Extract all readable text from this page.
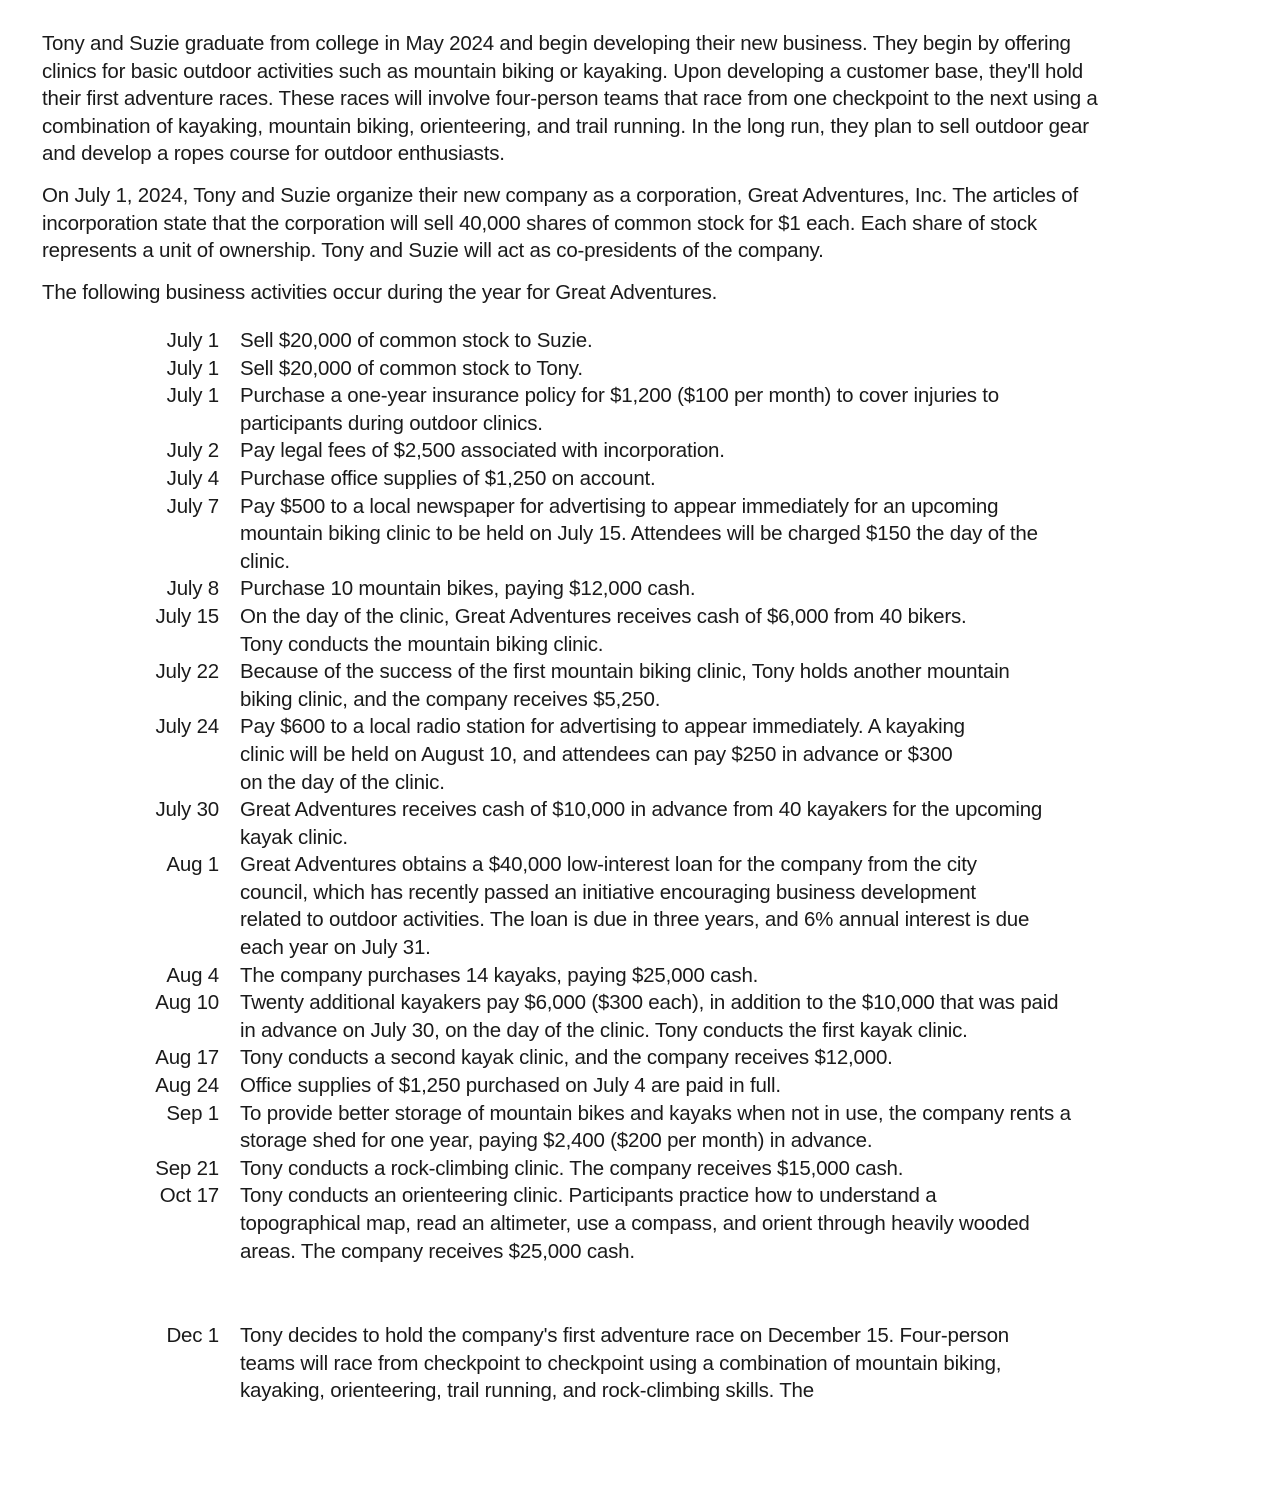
Tony and Suzie graduate from college in May 2024 and begin developing their new business. They begin by offering clinics for basic outdoor activities such as mountain biking or kayaking. Upon developing a customer base, they'll hold their first adventure races. These races will involve four-person teams that race from one checkpoint to the next using a combination of kayaking, mountain biking, orienteering, and trail running. In the long run, they plan to sell outdoor gear and develop a ropes course for outdoor enthusiasts.

On July 1, 2024, Tony and Suzie organize their new company as a corporation, Great Adventures, Inc. The articles of incorporation state that the corporation will sell 40,000 shares of common stock for $1 each. Each share of stock represents a unit of ownership. Tony and Suzie will act as co-presidents of the company.

The following business activities occur during the year for Great Adventures.

July 1	Sell $20,000 of common stock to Suzie.
July 1	Sell $20,000 of common stock to Tony.
July 1	Purchase a one-year insurance policy for $1,200 ($100 per month) to cover injuries to participants during outdoor clinics.
July 2	Pay legal fees of $2,500 associated with incorporation.
July 4	Purchase office supplies of $1,250 on account.
July 7	Pay $500 to a local newspaper for advertising to appear immediately for an upcoming mountain biking clinic to be held on July 15. Attendees will be charged $150 the day of the clinic.
July 8	Purchase 10 mountain bikes, paying $12,000 cash.
July 15	On the day of the clinic, Great Adventures receives cash of $6,000 from 40 bikers. Tony conducts the mountain biking clinic.
July 22	Because of the success of the first mountain biking clinic, Tony holds another mountain biking clinic, and the company receives $5,250.
July 24	Pay $600 to a local radio station for advertising to appear immediately. A kayaking clinic will be held on August 10, and attendees can pay $250 in advance or $300 on the day of the clinic.
July 30	Great Adventures receives cash of $10,000 in advance from 40 kayakers for the upcoming kayak clinic.
Aug 1	Great Adventures obtains a $40,000 low-interest loan for the company from the city council, which has recently passed an initiative encouraging business development related to outdoor activities. The loan is due in three years, and 6% annual interest is due each year on July 31.
Aug 4	The company purchases 14 kayaks, paying $25,000 cash.
Aug 10	Twenty additional kayakers pay $6,000 ($300 each), in addition to the $10,000 that was paid in advance on July 30, on the day of the clinic. Tony conducts the first kayak clinic.
Aug 17	Tony conducts a second kayak clinic, and the company receives $12,000.
Aug 24	Office supplies of $1,250 purchased on July 4 are paid in full.
Sep 1	To provide better storage of mountain bikes and kayaks when not in use, the company rents a storage shed for one year, paying $2,400 ($200 per month) in advance.
Sep 21	Tony conducts a rock-climbing clinic. The company receives $15,000 cash.
Oct 17	Tony conducts an orienteering clinic. Participants practice how to understand a topographical map, read an altimeter, use a compass, and orient through heavily wooded areas. The company receives $25,000 cash.
Dec 1	Tony decides to hold the company's first adventure race on December 15. Four-person teams will race from checkpoint to checkpoint using a combination of mountain biking, kayaking, orienteering, trail running, and rock-climbing skills. The
